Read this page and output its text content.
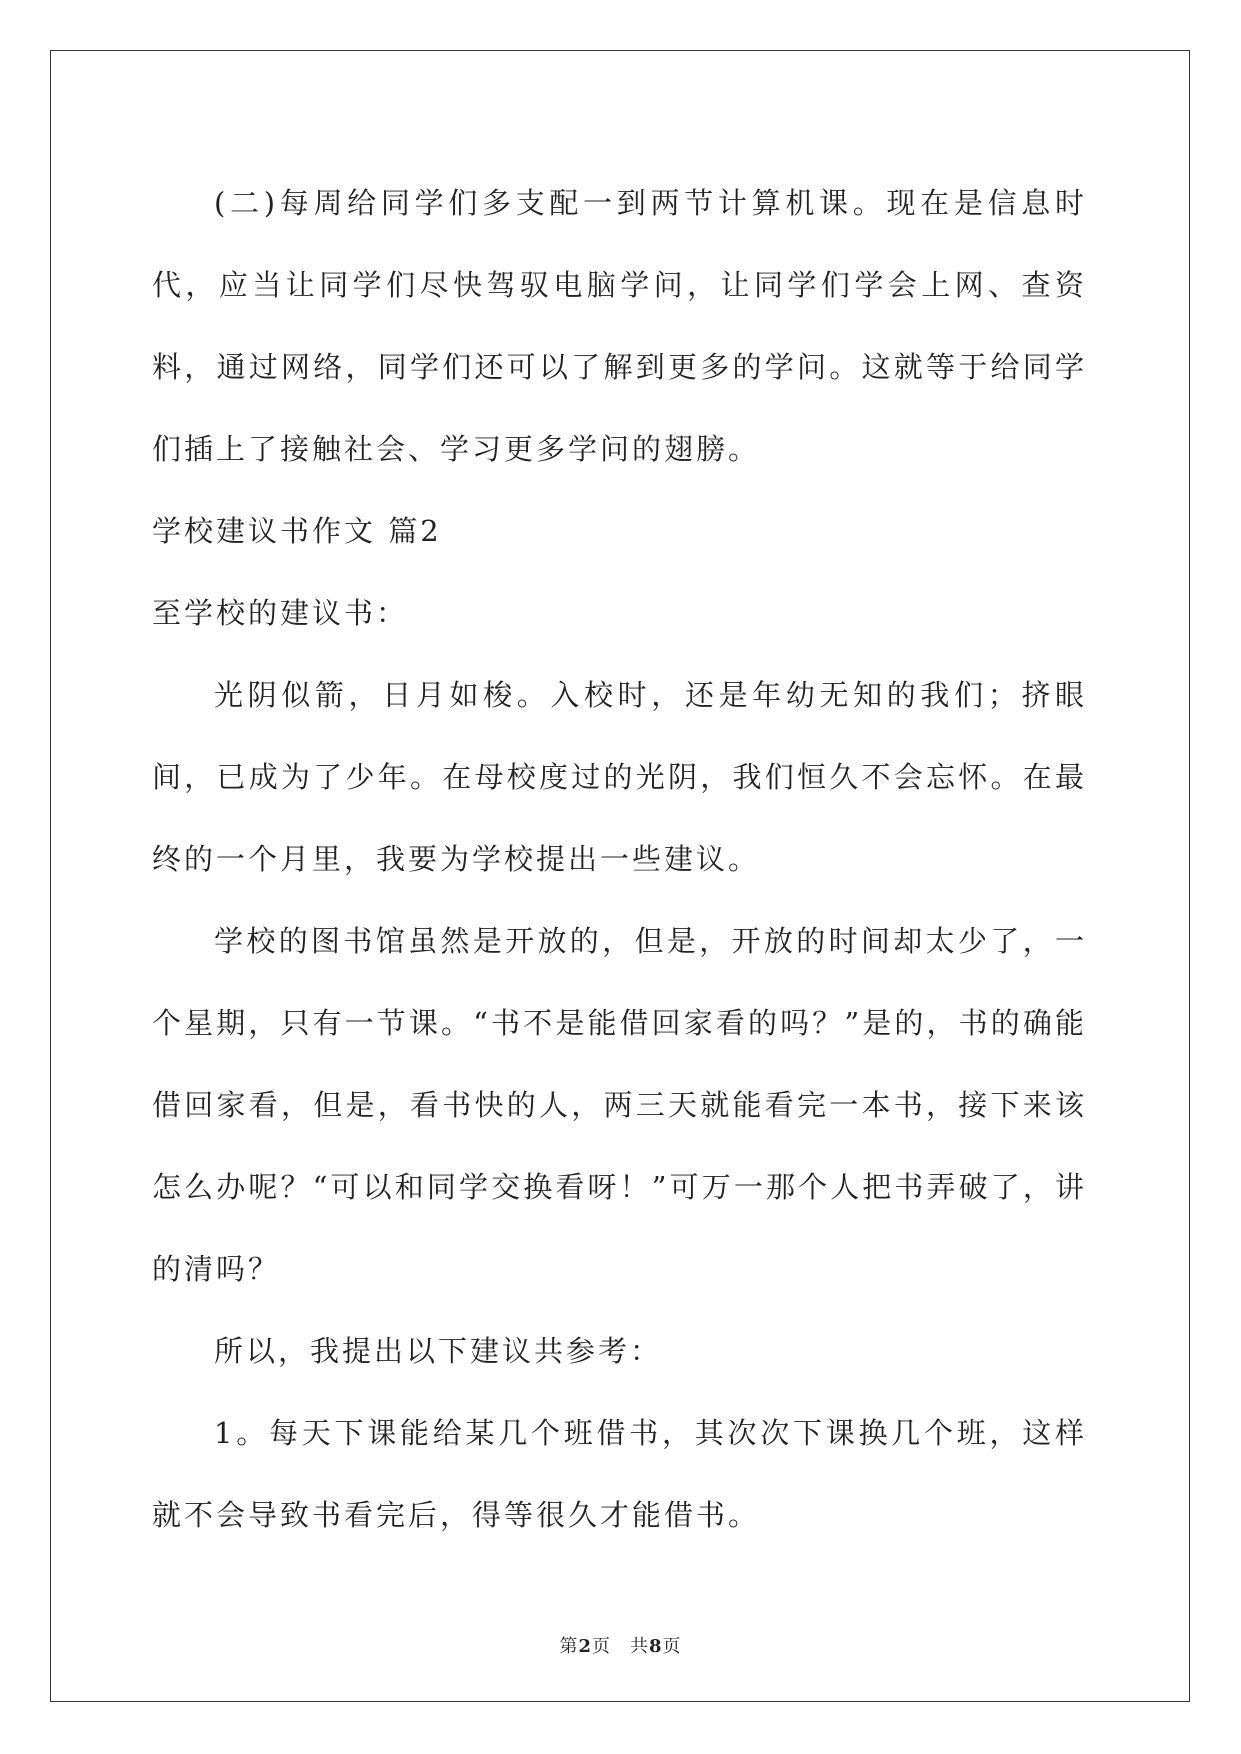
(二)每周给同学们多支配一到两节计算机课。现在是信息时代，应当让同学们尽快驾驭电脑学问，让同学们学会上网、查资料，通过网络，同学们还可以了解到更多的学问。这就等于给同学们插上了接触社会、学习更多学问的翅膀。

学校建议书作文 篇2

至学校的建议书：

光阴似箭，日月如梭。入校时，还是年幼无知的我们；挤眼间，已成为了少年。在母校度过的光阴，我们恒久不会忘怀。在最终的一个月里，我要为学校提出一些建议。

学校的图书馆虽然是开放的，但是，开放的时间却太少了，一个星期，只有一节课。“书不是能借回家看的吗？”是的，书的确能借回家看，但是，看书快的人，两三天就能看完一本书，接下来该怎么办呢？“可以和同学交换看呀！”可万一那个人把书弄破了，讲的清吗？

所以，我提出以下建议共参考：

1。每天下课能给某几个班借书，其次次下课换几个班，这样就不会导致书看完后，得等很久才能借书。

第2页　共8页
